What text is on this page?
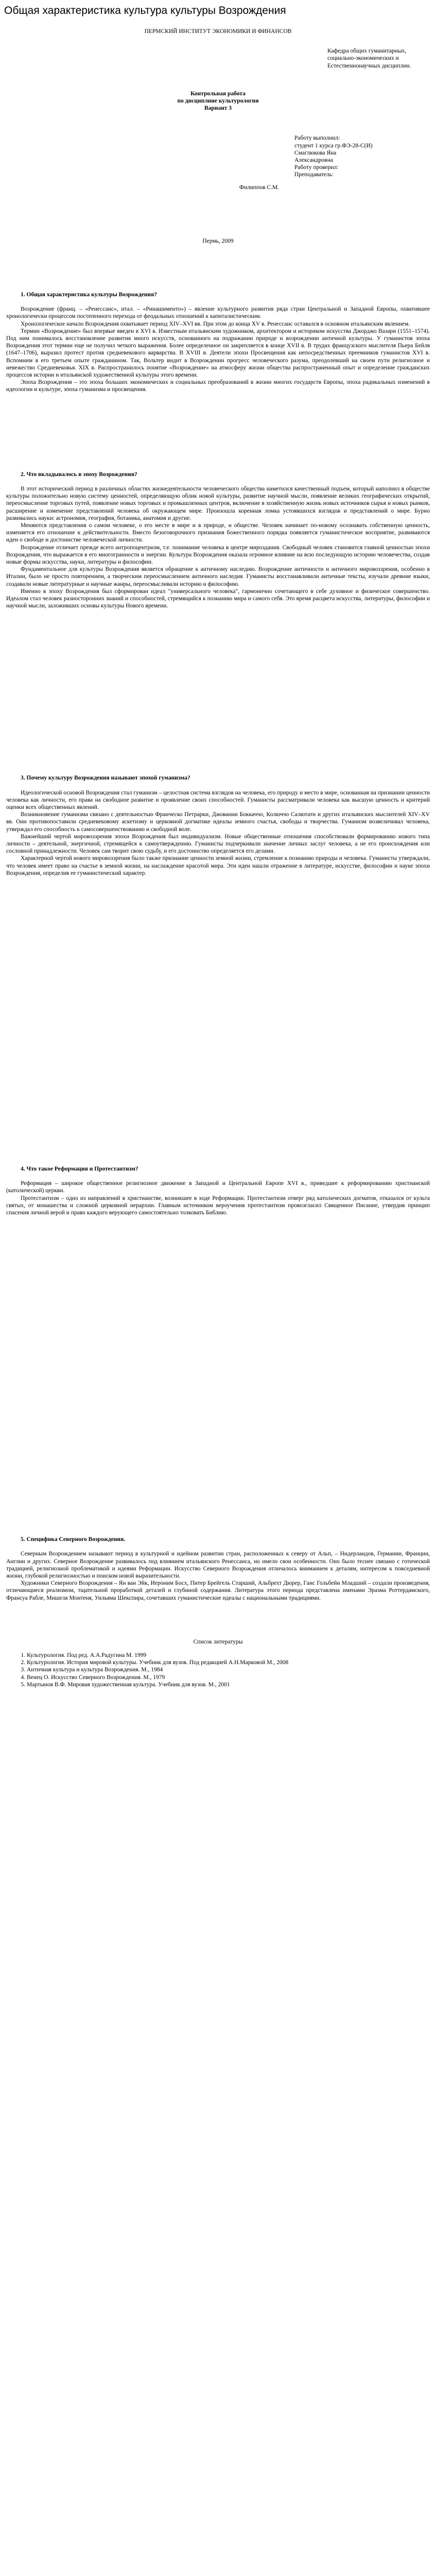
Общая характеристика культура культуры Возрождения

ПЕРМСКИЙ ИНСТИТУТ ЭКОНОМИКИ И ФИНАНСОВ

Кафедра общих гуманитарных,

социально-экономических и

Естественнонаучных дисциплин.

Контрольная работа

по дисциплине культурология

Вариант 3

Работу выполнил:

студент 1 курса гр.ФЭ-28-С(И)

Смаглюкова Яна

Александровна

Работу проверил:

Преподаватель:

Филиппов С.М.

Пермь, 2009

1. Общая характеристика культуры Возрождения?

Возрождение (франц. – «Ренессанс», итал. – «Ринашименто») – явление культурного развития ряда стран Центральной и Западной Европы, охватившее хронологически процессом постепенного перехода от феодальных отношений к капиталистическим.

Хронологическое начало Возрождения охватывает период XIV–XVI вв. При этом до конца XV в. Ренессанс оставался в основном итальянским явлением.

Термин «Возрождение» был впервые введен в XVI в. Известным итальянским художником, архитектором и историком искусства Джорджо Вазари (1551–1574). Под ним понималось восстановление развития много искусств, основанного на подражании природе и возрождении античной культуры. У гуманистов эпоха Возрождения этот термин еще не получил четкого выражения. Более определенное он закрепляется в конце XVII в. В трудах французского мыслителя Пьера Бейля (1647–1706), выразил протест против средневекового варварства. В XVIII в. Деятели эпохи Просвещения как непосредственных преемников гуманистов XVI в. Вспомним в его третьем опыте гражданином. Так, Вольтер видит в Возрождении прогресс человеческого разума, преодолевший на своем пути религиозное и невежество Средневековья. XIX в. Распространилось понятие «Возрождение» на атмосферу жизни общества распространенный опыт и определение гражданских процессов истории и итальянской художественной культуры этого времени.

Эпоха Возрождения – это эпоха больших экономических и социальных преобразований в жизни многих государств Европы, эпоха радикальных изменений в идеологии и культуре, эпоха гуманизма и просвещения.

2. Что вкладывалось в эпоху Возрождения?

В этот исторический период в различных областях жизнедеятельности человеческого общества наметился качественный подъем, который наполнил в обществе культуры положительно новую систему ценностей, определяющую облик новой культуры, развитие научной мысли, появление великих географических открытий, переосмысление торговых путей, появление новых торговых и промышленных центров, включение в хозяйственную жизнь новых источников сырья и новых рынков, расширение и изменение представлений человека об окружающем мире. Произошла коренная ломка устоявшихся взглядов и представлений о мире. Бурно развивались науки: астрономия, география, ботаника, анатомия и другие.

Меняются представления о самом человеке, о его месте в мире и в природе, и обществе. Человек начинает по-новому осознавать собственную ценность, изменяется его отношение к действительности. Вместо безоговорочного признания божественного порядка появляется гуманистическое восприятие, развиваются идеи о свободе и достоинстве человеческой личности.

Возрождение отличает прежде всего антропоцентризм, т.е. понимание человека в центре мироздания. Свободный человек становится главной ценностью эпохи Возрождения, что выражается в его многогранности и энергии. Культура Возрождения оказала огромное влияние на всю последующую историю человечества, создав новые формы искусства, науки, литературы и философии.

Фундаментальное для культуры Возрождения является обращение к античному наследию. Возрождение античности и античного мировоззрения, особенно в Италии, было не просто повторением, а творческим переосмыслением античного наследия. Гуманисты восстанавливали античные тексты, изучали древние языки, создавали новые литературные и научные жанры, переосмысливали историю и философию.

Именно в эпоху Возрождения был сформирован идеал "универсального человека", гармонично сочетающего в себе духовное и физическое совершенство. Идеалом стал человек разносторонних знаний и способностей, стремящийся к познанию мира и самого себя. Это время расцвета искусства, литературы, философии и научной мысли, заложивших основы культуры Нового времени.

3. Почему культуру Возрождения называют эпохой гуманизма?

Идеологической основой Возрождения стал гуманизм – целостная система взглядов на человека, его природу и место в мире, основанная на признании ценности человека как личности, его права на свободное развитие и проявление своих способностей. Гуманисты рассматривали человека как высшую ценность и критерий оценки всех общественных явлений.

Возникновение гуманизма связано с деятельностью Франческо Петрарки, Джованни Боккаччо, Колюччо Салютати и других итальянских мыслителей XIV–XV вв. Они противопоставили средневековому аскетизму и церковной догматике идеалы земного счастья, свободы и творчества. Гуманизм возвеличивал человека, утверждал его способность к самосовершенствованию и свободной воле.

Важнейший чертой мировоззрения эпохи Возрождения был индивидуализм. Новые общественные отношения способствовали формированию нового типа личности – деятельной, энергичной, стремящейся к самоутверждению. Гуманисты подчеркивали значение личных заслуг человека, а не его происхождения или сословной принадлежности. Человек сам творит свою судьбу, и его достоинство определяется его делами.

Характерной чертой нового мировоззрения было также признание ценности земной жизни, стремление к познанию природы и человека. Гуманисты утверждали, что человек имеет право на счастье в земной жизни, на наслаждение красотой мира. Эти идеи нашли отражение в литературе, искусстве, философии и науке эпохи Возрождения, определив ее гуманистический характер.

4. Что такое Реформация и Протестантизм?

Реформация – широкое общественное религиозное движение в Западной и Центральной Европе XVI в., приведшее к реформированию христианской (католической) церкви.

Протестантизм – одно из направлений в христианстве, возникшее в ходе Реформации. Протестантизм отверг ряд католических догматов, отказался от культа святых, от монашества и сложной церковной иерархии. Главным источником вероучения протестантизм провозгласил Священное Писание, утвердив принцип спасения личной верой и право каждого верующего самостоятельно толковать Библию.

5. Специфика Северного Возрождения.

Северным Возрождением называют период в культурной и идейном развитии стран, расположенных к северу от Альп, – Нидерландов, Германии, Франции, Англии и других. Северное Возрождение развивалось под влиянием итальянского Ренессанса, но имело свои особенности. Оно было теснее связано с готической традицией, религиозной проблематикой и идеями Реформации. Искусство Северного Возрождения отличалось вниманием к деталям, интересом к повседневной жизни, глубокой религиозностью и поиском новой выразительности.

Художники Северного Возрождения – Ян ван Эйк, Иероним Босх, Питер Брейгель Старший, Альбрехт Дюрер, Ганс Гольбейн Младший – создали произведения, отличающиеся реализмом, тщательной проработкой деталей и глубиной содержания. Литература этого периода представлена именами Эразма Роттердамского, Франсуа Рабле, Мишеля Монтеня, Уильяма Шекспира, сочетавших гуманистические идеалы с национальными традициями.

Список литературы

1. Культурология. Под ред. А.А.Радугина М. 1999
2. Культурология. История мировой культуры. Учебник для вузов. Под редакцией А.Н.Марковой М., 2008
3. Античная культура и культура Возрождения. М., 1984
4. Венец О. Искусство Северного Возрождения. М., 1979
5. Мартынов В.Ф. Мировая художественная культура. Учебник для вузов. М., 2001
